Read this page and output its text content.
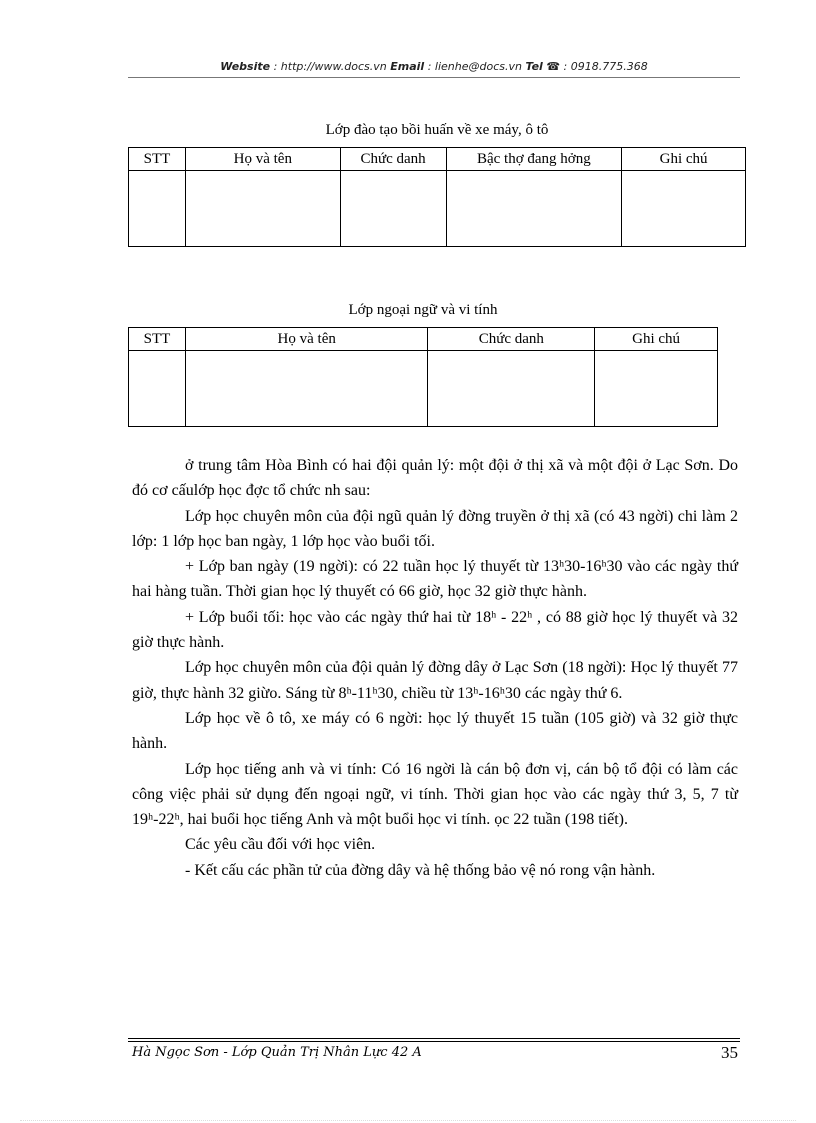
Website : http://www.docs.vn Email : lienhe@docs.vn Tel ☎ : 0918.775.368
Lớp đào tạo bồi huấn về xe máy, ô tô
STT	Họ và tên	Chức danh	Bậc thợ đang hởng	Ghi chú

Lớp ngoại ngữ và vi tính
STT	Họ và tên	Chức danh	Ghi chú

ở trung tâm Hòa Bình có hai đội quản lý: một đội ở thị xã và một đội ở Lạc Sơn. Do đó cơ cấulớp học đợc tổ chức nh sau:

Lớp học chuyên môn của đội ngũ quản lý đờng truyền ở thị xã (có 43 ngời) chi làm 2 lớp: 1 lớp học ban ngày, 1 lớp học vào buổi tối.

+ Lớp ban ngày (19 ngời): có 22 tuần học lý thuyết từ 13ʰ30-16ʰ30 vào các ngày thứ hai hàng tuần. Thời gian học lý thuyết có 66 giờ, học 32 giờ thực hành.

+ Lớp buổi tối: học vào các ngày thứ hai từ 18ʰ - 22ʰ , có 88 giờ học lý thuyết và 32 giờ thực hành.

Lớp học chuyên môn của đội quản lý đờng dây ở Lạc Sơn (18 ngời): Học lý thuyết 77 giờ, thực hành 32 giừo. Sáng từ 8ʰ-11ʰ30, chiều từ 13ʰ-16ʰ30 các ngày thứ 6.

Lớp học về ô tô, xe máy có 6 ngời: học lý thuyết 15 tuần (105 giờ) và 32 giờ thực hành.

Lớp học tiếng anh và vi tính: Có 16 ngời là cán bộ đơn vị, cán bộ tổ đội có làm các công việc phải sử dụng đến ngoại ngữ, vi tính. Thời gian học vào các ngày thứ 3, 5, 7 từ 19ʰ-22ʰ, hai buổi học tiếng Anh và một buổi học vi tính. ọc 22 tuần (198 tiết).

Các yêu cầu đối với học viên.

- Kết cấu các phần tử của đờng dây và hệ thống bảo vệ nó rong vận hành.

Hà Ngọc Sơn - Lớp Quản Trị Nhân Lực 42 A	35
